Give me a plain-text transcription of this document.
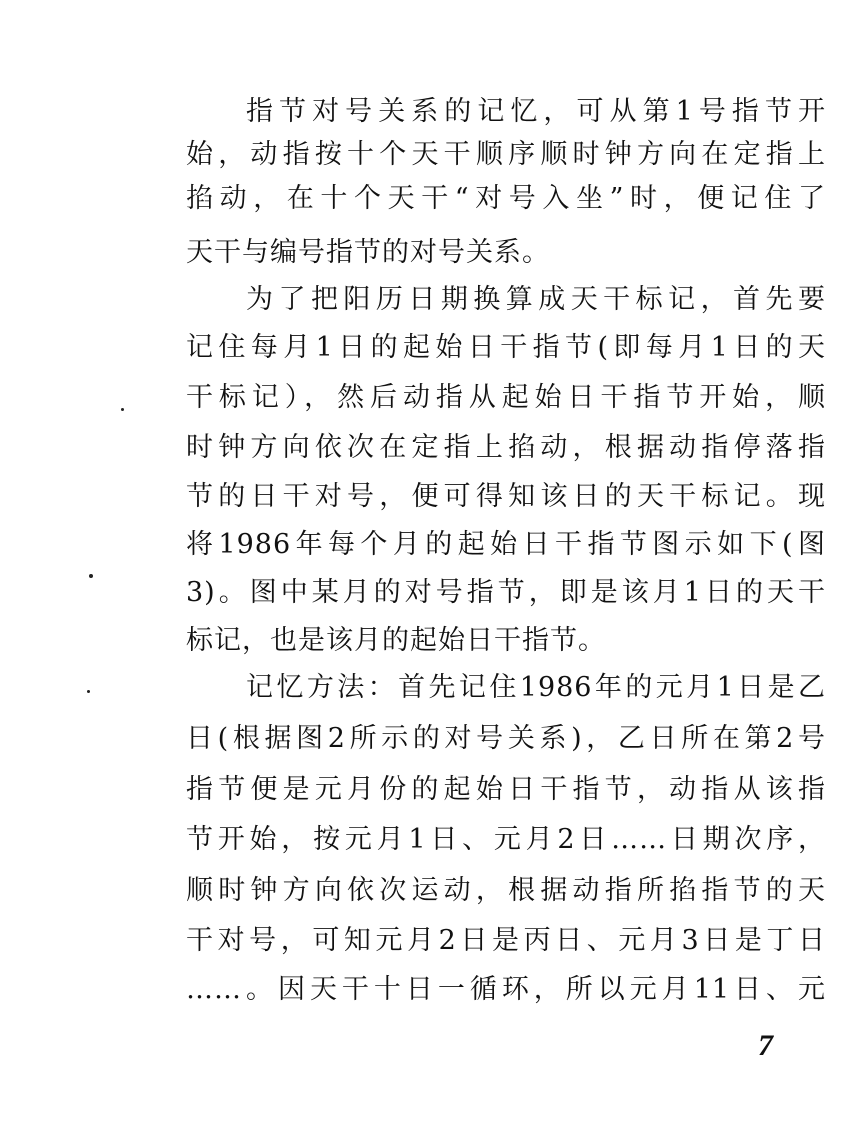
指节对号关系的记忆，可从第1号指节开
始，动指按十个天干顺序顺时钟方向在定指上
掐动，在十个天干“对号入坐”时，便记住了
天干与编号指节的对号关系。
为了把阳历日期换算成天干标记，首先要
记住每月1日的起始日干指节(即每月1日的天
干标记），然后动指从起始日干指节开始，顺
时钟方向依次在定指上掐动，根据动指停落指
节的日干对号，便可得知该日的天干标记。现
将1986年每个月的起始日干指节图示如下(图
3)。图中某月的对号指节，即是该月1日的天干
标记，也是该月的起始日干指节。
记忆方法：首先记住1986年的元月1日是乙
日(根据图2所示的对号关系)，乙日所在第2号
指节便是元月份的起始日干指节，动指从该指
节开始，按元月1日、元月2日……日期次序，
顺时钟方向依次运动，根据动指所掐指节的天
干对号，可知元月2日是丙日、元月3日是丁日
……。因天干十日一循环，所以元月11日、元
7
